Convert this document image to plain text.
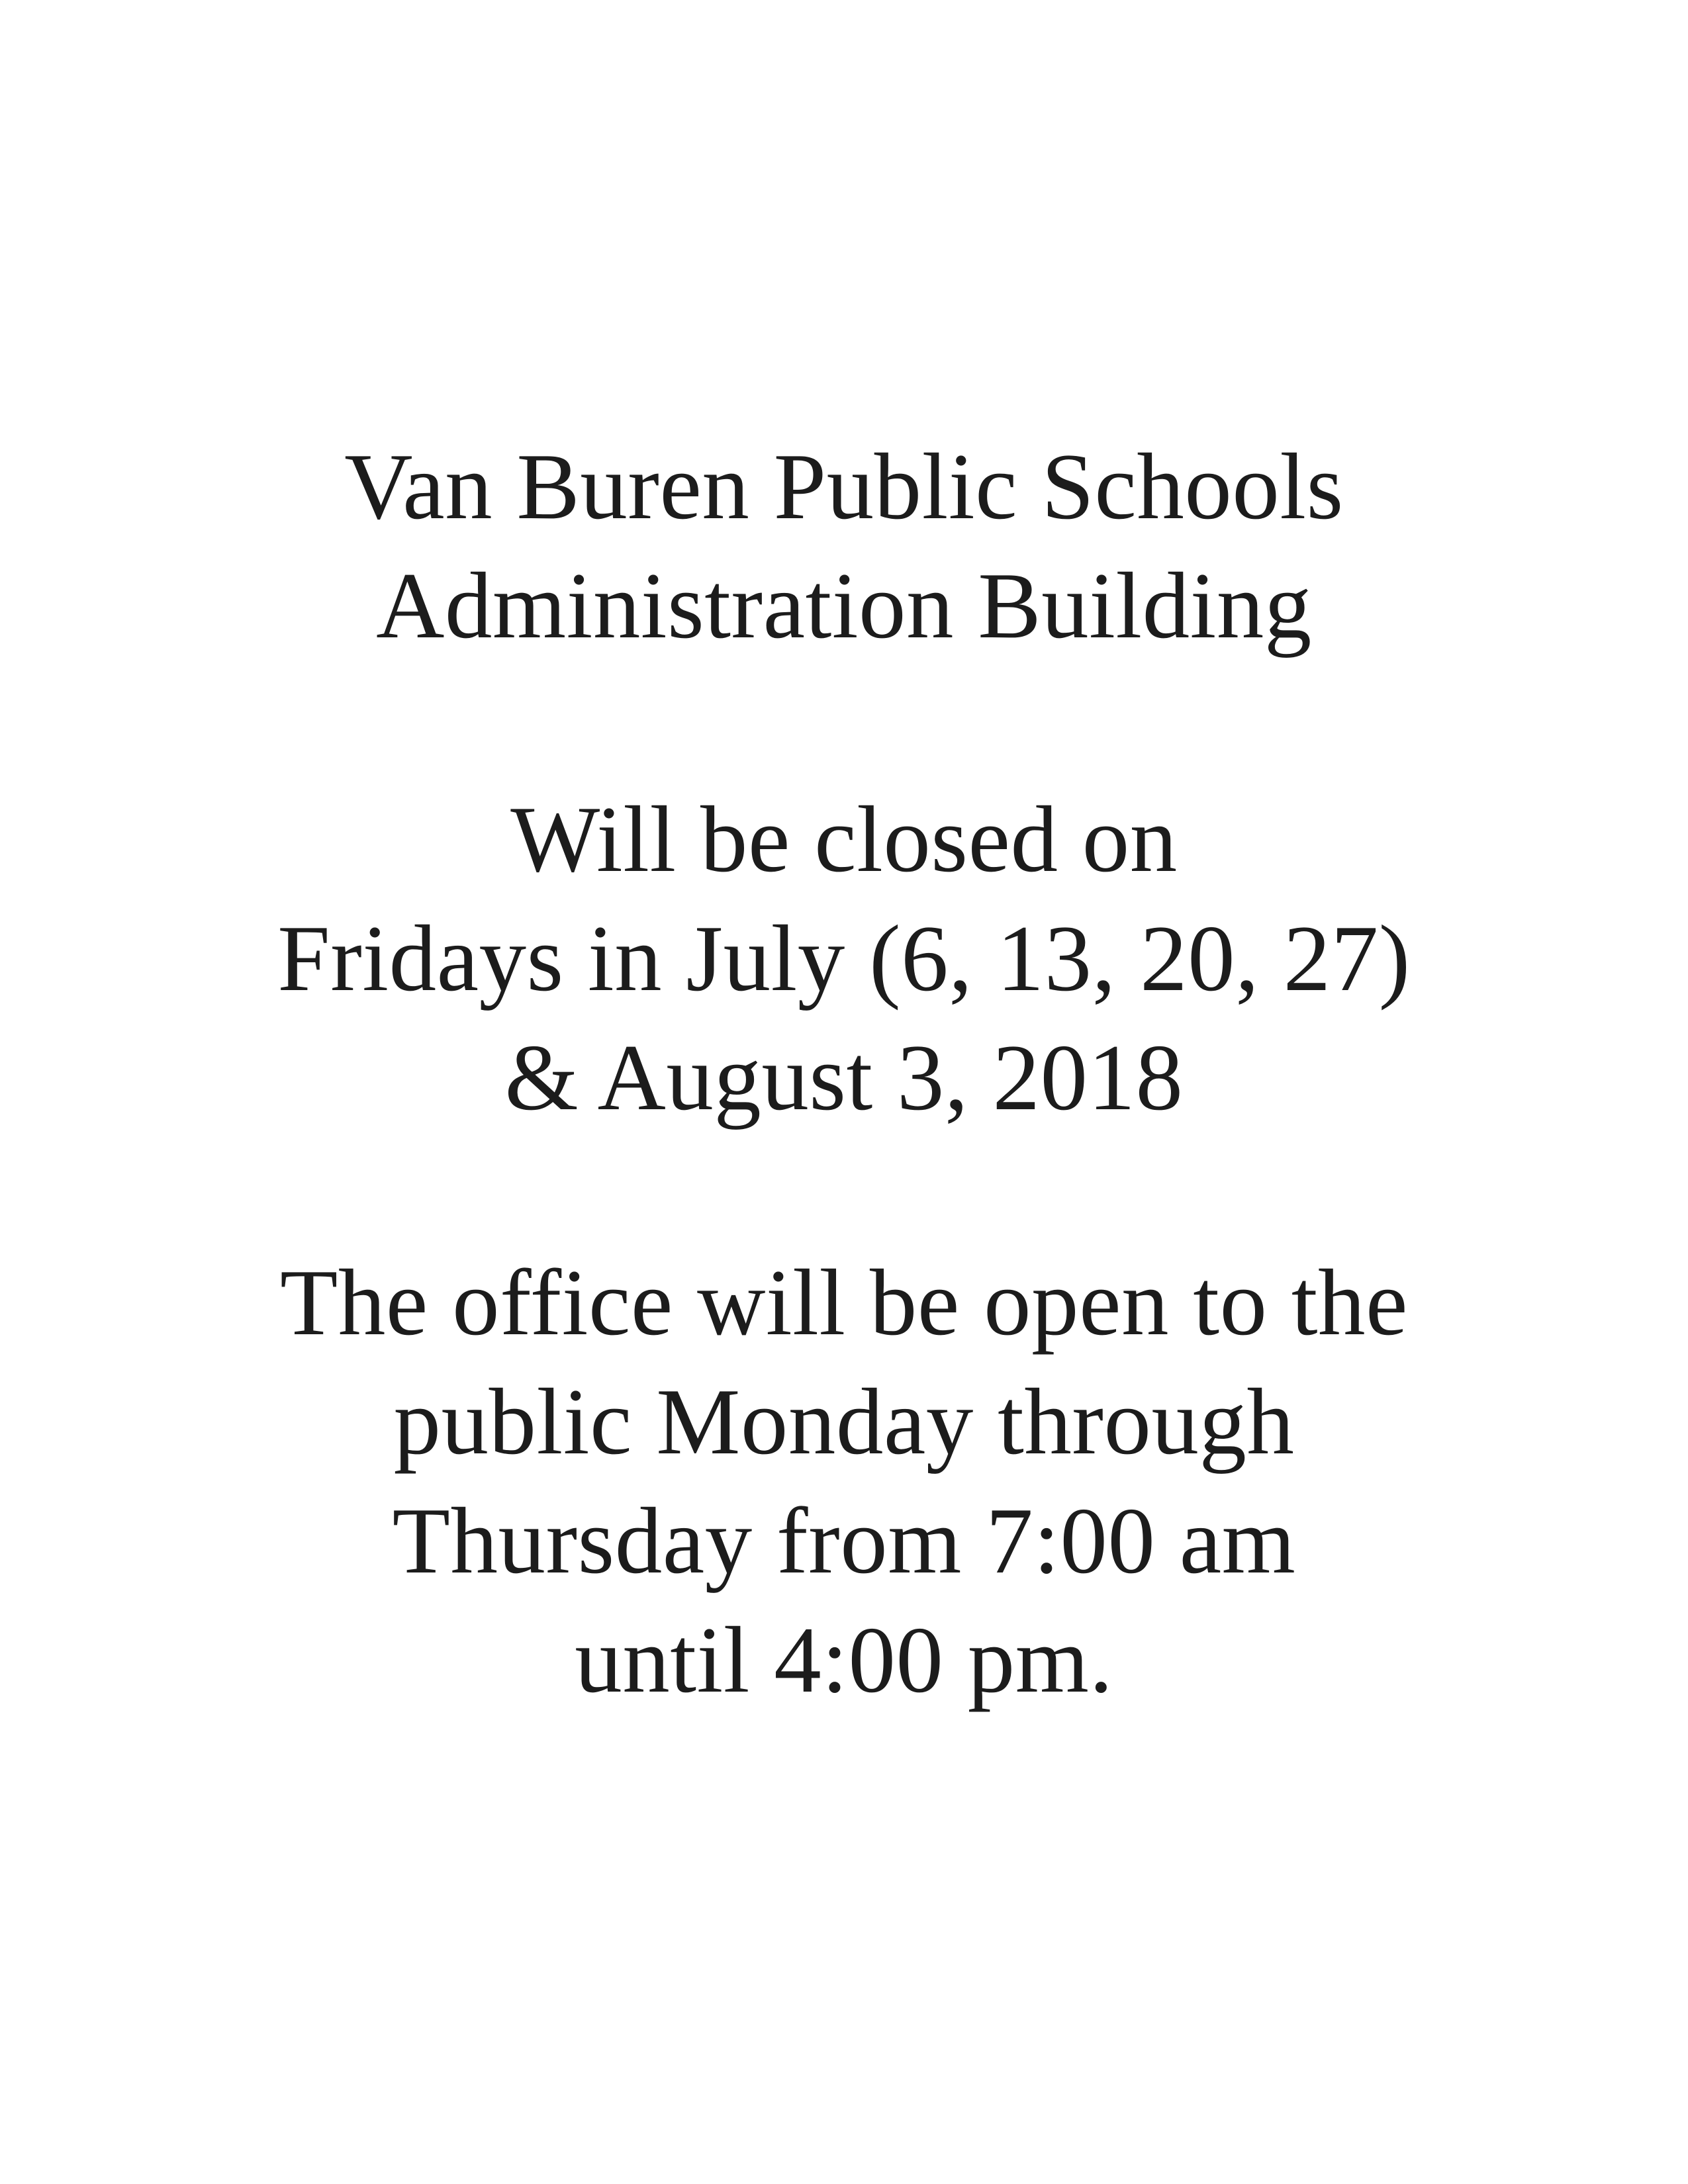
Van Buren Public Schools
Administration Building
Will be closed on
Fridays in July (6, 13, 20, 27)
& August 3, 2018
The office will be open to the
public Monday through
Thursday from 7:00 am
until 4:00 pm.
